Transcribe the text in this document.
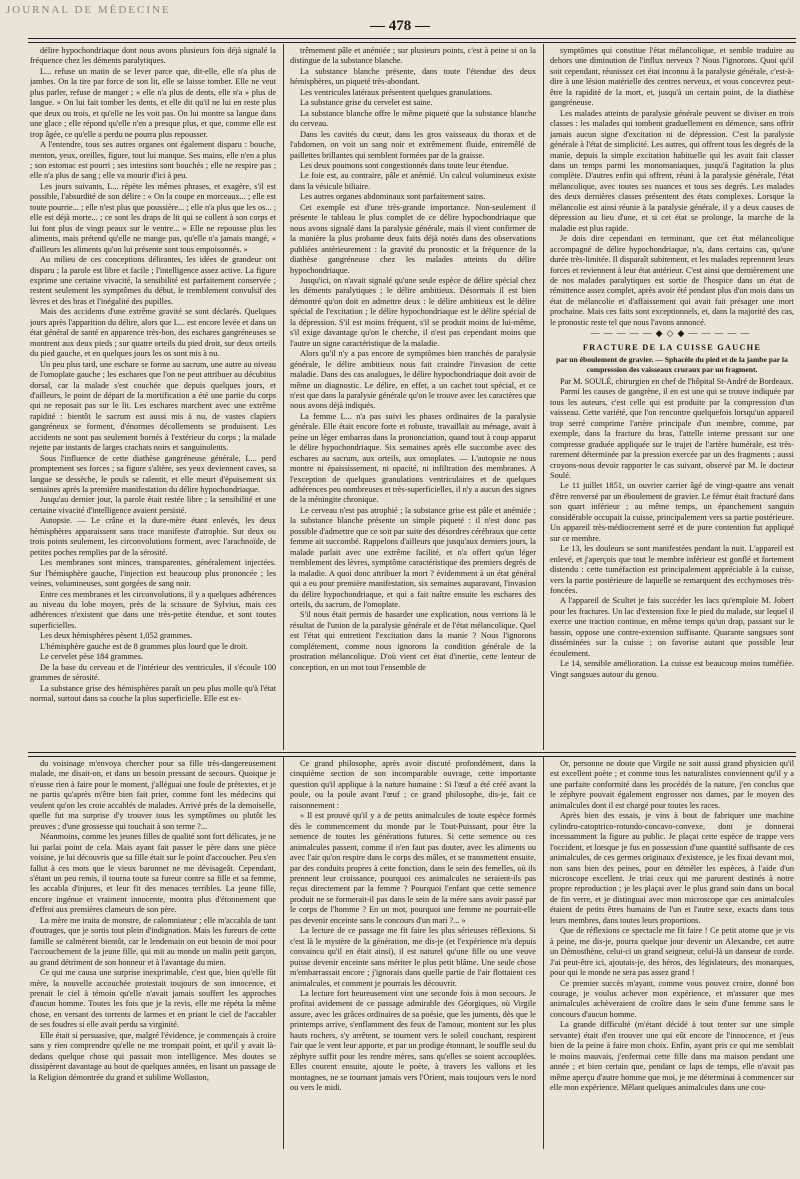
JOURNAL DE MÉDECINE
— 478 —

délire hypochondriaque dont nous avons plusieurs fois déjà signalé la fréquence chez les déments paralytiques.

L... refuse un matin de se lever parce que, dit-elle, elle n'a plus de jambes. On la tire par force de son lit, elle se laisse tomber. Elle ne veut plus parler, refuse de manger ; « elle n'a plus de dents, elle n'a » plus de langue. » On lui fait tomber les dents, et elle dit qu'il ne lui en reste plus que deux ou trois, et qu'elle ne les voit pas. On lui montre sa langue dans une glace ; elle répond qu'elle n'en a presque plus, et que, comme elle est trop âgée, ce qu'elle a perdu ne pourra plus repousser.

A l'entendre, tous ses autres organes ont également disparu : bouche, menton, yeux, oreilles, figure, tout lui manque. Ses mains, elle n'en a plus ; son estomac est pourri ; ses intestins sont bouchés ; elle ne respire pas ; elle n'a plus de sang ; elle va mourir d'ici à peu.

Les jours suivants, L... répète les mêmes phrases, et exagère, s'il est possible, l'absurdité de son délire : « On la coupe en morceaux... ; elle est toute pourrie... ; elle n'est plus que poussière... ; elle n'a plus que les os... ; elle est déjà morte... ; ce sont les draps de lit qui se collent à son corps et lui font plus de vingt peaux sur le ventre... » Elle ne repousse plus les aliments, mais prétend qu'elle ne mange pas, qu'elle n'a jamais mangé, « d'ailleurs les aliments qu'on lui présente sont tous empoisonnés. »

Au milieu de ces conceptions délirantes, les idées de grandeur ont disparu ; la parole est libre et facile ; l'intelligence assez active. La figure exprime une certaine vivacité, la sensibilité est parfaitement conservée ; restent seulement les symptômes du début, le tremblement convulsif des lèvres et des bras et l'inégalité des pupilles.

Mais des accidents d'une extrême gravité se sont déclarés. Quelques jours après l'apparition du délire, alors que L... est encore levée et dans un état général de santé en apparence très-bon, des eschares gangréneuses se montrent aux deux pieds ; sur quatre orteils du pied droit, sur deux orteils du pied gauche, et en quelques jours les os sont mis à nu.

Un peu plus tard, une eschare se forme au sacrum, une autre au niveau de l'omoplate gauche ; les eschares que l'on ne peut attribuer au décubitus dorsal, car la malade s'est couchée que depuis quelques jours, et d'ailleurs, le point de départ de la mortification a été une partie du corps qui ne reposait pas sur le lit. Les eschares marchent avec une extrême rapidité : bientôt le sacrum est aussi mis à nu, de vastes clapiers gangréneux se forment, d'énormes décollements se produisent. Les accidents ne sont pas seulement bornés à l'extérieur du corps ; la malade rejette par instants de larges crachats noirs et sanguinolents.

Sous l'influence de cette diathèse gangréneuse générale, L... perd promptement ses forces ; sa figure s'altère, ses yeux deviennent caves, sa langue se dessèche, le pouls se ralentit, et elle meurt d'épuisement six semaines après la première manifestation du délire hypochondriaque.

Jusqu'au dernier jour, la parole était restée libre ; la sensibilité et une certaine vivacité d'intelligence avaient persisté.

Autopsie. — Le crâne et la dure-mère étant enlevés, les deux hémisphères apparaissent sans trace manifeste d'atrophie. Sur deux ou trois points seulement, les circonvolutions forment, avec l'arachnoïde, de petites poches remplies par de la sérosité.

Les membranes sont minces, transparentes, généralement injectées. Sur l'hémisphère gauche, l'injection est beaucoup plus prononcée ; les veines, volumineuses, sont gorgées de sang noir.

Entre ces membranes et les circonvolutions, il y a quelques adhérences au niveau du lobe moyen, près de la scissure de Sylvius, mais ces adhérences n'existent que dans une très-petite étendue, et sont toutes superficielles.

Les deux hémisphères pèsent 1,052 grammes.

L'hémisphère gauche est de 8 grammes plus lourd que le droit.

Le cervelet pèse 184 grammes.

De la base du cerveau et de l'intérieur des ventricules, il s'écoule 100 grammes de sérosité.

La substance grise des hémisphères paraît un peu plus molle qu'à l'état normal, surtout dans sa couche la plus superficielle. Elle est ex-

trêmement pâle et anémiée ; sur plusieurs points, c'est à peine si on la distingue de la substance blanche.

La substance blanche présente, dans toute l'étendue des deux hémisphères, un piqueté très-abondant.

Les ventricules latéraux présentent quelques granulations.

La substance grise du cervelet est saine.

La substance blanche offre le même piqueté que la substance blanche du cerveau.

Dans les cavités du cœur, dans les gros vaisseaux du thorax et de l'abdomen, on voit un sang noir et extrêmement fluide, entremêlé de paillettes brillantes qui semblent formées par de la graisse.

Les deux poumons sont congestionnés dans toute leur étendue.

Le foie est, au contraire, pâle et anémié. Un calcul volumineux existe dans la vésicule biliaire.

Les autres organes abdominaux sont parfaitement sains.

Cet exemple est d'une très-grande importance. Non-seulement il présente le tableau le plus complet de ce délire hypochondriaque que nous avons signalé dans la paralysie générale, mais il vient confirmer de la manière la plus probante deux faits déjà notés dans des observations publiées antérieurement : la gravité du pronostic et la fréquence de la diathèse gangréneuse chez les malades atteints du délire hypochondriaque.

Jusqu'ici, on n'avait signalé qu'une seule espèce de délire spécial chez les déments paralytiques ; le délire ambitieux. Désormais il est bien démontré qu'on doit en admettre deux : le délire ambitieux est le délire spécial de l'excitation ; le délire hypochondriaque est le délire spécial de la dépression. S'il est moins fréquent, s'il se produit moins de lui-même, s'il exige davantage qu'on le cherche, il n'est pas cependant moins que l'autre un signe caractéristique de la maladie.

Alors qu'il n'y a pas encore de symptômes bien tranchés de paralysie générale, le délire ambitieux nous fait craindre l'invasion de cette maladie. Dans des cas analogues, le délire hypochondriaque doit avoir de même un diagnostic. Le délire, en effet, a un cachet tout spécial, et ce n'est que dans la paralysie générale qu'on le trouve avec les caractères que nous avons déjà indiqués.

La femme L... n'a pas suivi les phases ordinaires de la paralysie générale. Elle était encore forte et robuste, travaillait au ménage, avait à peine un léger embarras dans la prononciation, quand tout à coup apparut le délire hypochondriaque. Six semaines après elle succombe avec des eschares au sacrum, aux orteils, aux omoplates. — L'autopsie ne nous montre ni épaississement, ni opacité, ni infiltration des membranes. A l'exception de quelques granulations ventriculaires et de quelques adhérences peu nombreuses et très-superficielles, il n'y a aucun des signes de la méningite chronique.

Le cerveau n'est pas atrophié ; la substance grise est pâle et anémiée ; la substance blanche présente un simple piqueté : il n'est donc pas possible d'admettre que ce soit par suite des désordres cérébraux que cette femme ait succombé. Rappelons d'ailleurs que jusqu'aux derniers jours, la malade parlait avec une extrême facilité, et n'a offert qu'un léger tremblement des lèvres, symptôme caractéristique des premiers degrés de la maladie. A quoi donc attribuer la mort ? évidemment à un état général qui a eu pour première manifestation, six semaines auparavant, l'invasion du délire hypochondriaque, et qui a fait naître ensuite les eschares des orteils, du sacrum, de l'omoplate.

S'il nous était permis de hasarder une explication, nous verrions là le résultat de l'union de la paralysie générale et de l'état mélancolique. Quel est l'état qui entretient l'excitation dans la manie ? Nous l'ignorons complétement, comme nous ignorons la condition générale de la prostration mélancolique. D'où vient cet état d'inertie, cette lenteur de conception, en un mot tout l'ensemble de

symptômes qui constitue l'état mélancolique, et semble traduire au dehors une diminution de l'influx nerveux ? Nous l'ignorons. Quoi qu'il soit cependant, réunissez cet état inconnu à la paralysie générale, c'est-à-dire à une lésion matérielle des centres nerveux, et vous concevrez peut-être la rapidité de la mort, et, jusqu'à un certain point, de la diathèse gangréneuse.

Les malades atteints de paralysie générale peuvent se diviser en trois classes : les malades qui tombent graduellement en démence, sans offrir jamais aucun signe d'excitation ni de dépression. C'est la paralysie générale à l'état de simplicité. Les autres, qui offrent tous les degrés de la manie, depuis la simple excitation habituelle qui les avait fait classer dans un temps parmi les monomaniaques, jusqu'à l'agitation la plus complète. D'autres enfin qui offrent, réuni à la paralysie générale, l'état mélancolique, avec toutes ses nuances et tous ses degrés. Les malades des deux dernières classes présentent des états complexes. Lorsque la mélancolie est ainsi réunie à la paralysie générale, il y a deux causes de dépression au lieu d'une, et si cet état se prolonge, la marche de la maladie est plus rapide.

Je dois dire cependant en terminant, que cet état mélancolique accompagné de délire hypochondriaque, n'a, dans certains cas, qu'une durée très-limitée. Il disparaît subitement, et les malades reprennent leurs forces et reviennent à leur état antérieur. C'est ainsi que dernièrement une de nos malades paralytiques est sortie de l'hospice dans un état de rémittence assez complet, après avoir été pendant plus d'un mois dans un état de mélancolie et d'affaissement qui avait fait présager une mort prochaine. Mais ces faits sont exceptionnels, et, dans la majorité des cas, le pronostic reste tel que nous l'avons annoncé.

—————◆◇◆—————

FRACTURE DE LA CUISSE GAUCHE

par un éboulement de gravier. — Sphacèle du pied et de la jambe par la compression des vaisseaux cruraux par un fragment.

Par M. SOULÉ, chirurgien en chef de l'hôpital St-André de Bordeaux.

Parmi les causes de gangrène, il en est une qui se trouve indiquée par tous les auteurs, c'est celle qui est produite par la compression d'un vaisseau. Cette variété, que l'on rencontre quelquefois lorsqu'un appareil trop serré comprime l'artère principale d'un membre, comme, par exemple, dans la fracture du bras, l'attelle interne pressant sur une compresse graduée appliquée sur le trajet de l'artère humérale, est très-rarement déterminée par la pression exercée par un des fragments ; aussi croyons-nous devoir rapporter le cas suivant, observé par M. le docteur Soulé.

Le 11 juillet 1851, un ouvrier carrier âgé de vingt-quatre ans venait d'être renversé par un éboulement de gravier. Le fémur était fracturé dans son quart inférieur ; au même temps, un épanchement sanguin considérable occupait la cuisse, principalement vers sa partie postérieure. Un appareil très-médiocrement serré et de pure contention fut appliqué sur ce membre.

Le 13, les douleurs se sont manifestées pendant la nuit. L'appareil est enlevé, et j'aperçois que tout le membre inférieur est gonflé et fortement distendu : cette tuméfaction est principalement appréciable à la cuisse, vers la partie postérieure de laquelle se remarquent des ecchymoses très-foncées.

A l'appareil de Scultet je fais succéder les lacs qu'emploie M. Jobert pour les fractures. Un lac d'extension fixe le pied du malade, sur lequel il exerce une traction continue, en même temps qu'un drap, passant sur le bassin, oppose une contre-extension suffisante. Quarante sangsues sont disséminées sur la cuisse ; on favorise autant que possible leur écoulement.

Le 14, sensible amélioration. La cuisse est beaucoup moins tuméfiée. Vingt sangsues autour du genou.

du voisinage m'envoya chercher pour sa fille très-dangereusement malade, me disait-on, et dans un besoin pressant de secours. Quoique je n'eusse rien à faire pour le moment, j'alléguai une foule de prétextes, et je ne partis qu'après m'être bien fait prier, comme font les médecins qui veulent qu'on les croie accablés de malades. Arrivé près de la demoiselle, quelle fut ma surprise d'y trouver tous les symptômes ou plutôt les preuves ; d'une grossesse qui touchait à son terme ?...

Néanmoins, comme les jeunes filles de qualité sont fort délicates, je ne lui parlai point de cela. Mais ayant fait passer le père dans une pièce voisine, je lui découvris que sa fille était sur le point d'accoucher. Peu s'en fallut à ces mots que le vieux baronnet ne me dévisageât. Cependant, s'étant un peu remis, il tourna toute sa fureur contre sa fille et sa femme, les accabla d'injures, et leur fit des menaces terribles. La jeune fille, encore ingénue et vraiment innocente, montra plus d'étonnement que d'effroi aux premières clameurs de son père.

La mère me traita de monstre, de calomniateur ; elle m'accabla de tant d'outrages, que je sortis tout plein d'indignation. Mais les fureurs de cette famille se calmèrent bientôt, car le lendemain on eut besoin de moi pour l'accouchement de la jeune fille, qui mit au monde un malin petit garçon, au grand détriment de son honneur et à l'avantage du mien.

Ce qui me causa une surprise inexprimable, c'est que, bien qu'elle fût mère, la nouvelle accouchée protestait toujours de son innocence, et prenait le ciel à témoin qu'elle n'avait jamais souffert les approches d'aucun homme. Toutes les fois que je la revis, elle me répéta la même chose, en versant des torrents de larmes et en priant le ciel de l'accabler de ses foudres si elle avait perdu sa virginité.

Elle était si persuasive, que, malgré l'évidence, je commençais à croire sans y rien comprendre qu'elle ne me trompait point, et qu'il y avait là-dedans quelque chose qui passait mon intelligence. Mes doutes se dissipèrent davantage au bout de quelques années, en lisant un passage de la Religion démontrée du grand et sublime Wollaston,

Ce grand philosophe, après avoir discuté profondément, dans la cinquième section de son incomparable ouvrage, cette importante question qu'il applique à la nature humaine : Si l'œuf a été créé avant la poule, ou la poule avant l'œuf ; ce grand philosophe, dis-je, fait ce raisonnement :

« Il est prouvé qu'il y a de petits animalcules de toute espèce formés dès le commencement du monde par le Tout-Puissant, pour être la semence de toutes les générations futures. Si cette semence ou ces animalcules passent, comme il n'en faut pas douter, avec les aliments ou avec l'air qu'on respire dans le corps des mâles, et se transmettent ensuite, par des conduits propres à cette fonction, dans le sein des femelles, où ils prennent leur croissance, pourquoi ces animalcules ne seraient-ils pas reçus directement par la femme ? Pourquoi l'enfant que cette semence produit ne se formerait-il pas dans le sein de la mère sans avoir passé par le corps de l'homme ? En un mot, pourquoi une femme ne pourrait-elle pas devenir enceinte sans le concours d'un mari ?... »

La lecture de ce passage me fit faire les plus sérieuses réflexions. Si c'est là le mystère de la génération, me dis-je (et l'expérience m'a depuis convaincu qu'il en était ainsi), il est naturel qu'une fille ou une veuve puisse devenir enceinte sans mériter le plus petit blâme. Une seule chose m'embarrassait encore ; j'ignorais dans quelle partie de l'air flottaient ces animalcules, et comment je pourrais les découvrir.

La lecture fort heureusement vint une seconde fois à mon secours. Je profitai avidement de ce passage admirable des Géorgiques, où Virgile assure, avec les grâces ordinaires de sa poésie, que les juments, dès que le printemps arrive, s'enflamment des feux de l'amour, montent sur les plus hauts rochers, s'y arrêtent, se tournent vers le soleil couchant, respirent l'air que le vent leur apporte, et par un prodige étonnant, le souffle seul du zéphyre suffit pour les rendre mères, sans qu'elles se soient accouplées. Elles courent ensuite, ajoute le poète, à travers les vallons et les montagnes, ne se tournant jamais vers l'Orient, mais toujours vers le nord ou vers le midi.

Or, personne ne doute que Virgile ne soit aussi grand physicien qu'il est excellent poète ; et comme tous les naturalistes conviennent qu'il y a une parfaite conformité dans les procédés de la nature, j'en conclus que le zéphyre pouvait également engrosser nos dames, par le moyen des animalcules dont il est chargé pour toutes les races.

Après bien des essais, je vins à bout de fabriquer une machine cylindro-catoptrico-rotundo-concavo-convexe, dont je donnerai incessamment la figure au public. Je plaçai cette espèce de trappe vers l'occident, et lorsque je fus en possession d'une quantité suffisante de ces animalcules, de ces germes originaux d'existence, je les fixai devant moi, non sans bien des peines, pour en démêler les espèces, à l'aide d'un microscope excellent. Je triai ceux qui me parurent destinés à notre propre reproduction ; je les plaçai avec le plus grand soin dans un bocal de fin verre, et je distinguai avec mon microscope que ces animalcules étaient de petits êtres humains de l'un et l'autre sexe, exacts dans tous leurs membres, dans toutes leurs proportions.

Que de réflexions ce spectacle me fit faire ! Ce petit atome que je vis à peine, me dis-je, pourra quelque jour devenir un Alexandre, cet autre un Démosthène, celui-ci un grand seigneur, celui-là un danseur de corde. J'ai peut-être ici, ajoutais-je, des héros, des législateurs, des monarques, pour qui le monde ne sera pas assez grand !

Ce premier succès m'ayant, comme vous pouvez croire, donné bon courage, je voulus achever mon expérience, et m'assurer que mes animalcules achèveraient de croître dans le sein d'une femme sans le concours d'aucun homme.

La grande difficulté (m'étant décidé à tout tenter sur une simple servante) était d'en trouver une qui eût encore de l'innocence, et j'eus bien de la peine à faire mon choix. Enfin, ayant pris ce qui me semblait le moins mauvais, j'enfermai cette fille dans ma maison pendant une année ; et bien certain que, pendant ce laps de temps, elle n'avait pas même aperçu d'autre homme que moi, je me déterminai à commencer sur elle mon expérience. Mêlant quelques animalcules dans une cou-
